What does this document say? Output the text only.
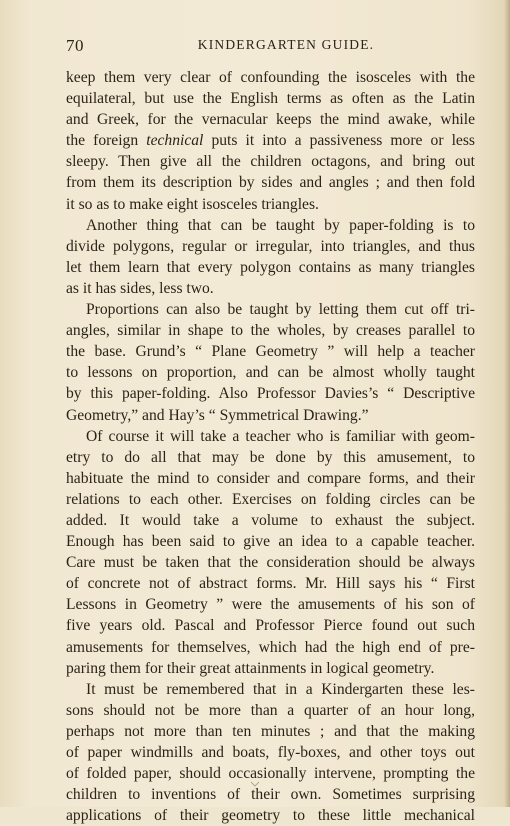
70	KINDERGARTEN GUIDE.
keep them very clear of confounding the isosceles with the
equilateral, but use the English terms as often as the Latin
and Greek, for the vernacular keeps the mind awake, while
the foreign technical puts it into a passiveness more or less
sleepy. Then give all the children octagons, and bring out
from them its description by sides and angles ; and then fold
it so as to make eight isosceles triangles.
Another thing that can be taught by paper-folding is to
divide polygons, regular or irregular, into triangles, and thus
let them learn that every polygon contains as many triangles
as it has sides, less two.
Proportions can also be taught by letting them cut off tri-
angles, similar in shape to the wholes, by creases parallel to
the base. Grund’s “ Plane Geometry ” will help a teacher
to lessons on proportion, and can be almost wholly taught
by this paper-folding. Also Professor Davies’s “ Descriptive
Geometry,” and Hay’s “ Symmetrical Drawing.”
Of course it will take a teacher who is familiar with geom-
etry to do all that may be done by this amusement, to
habituate the mind to consider and compare forms, and their
relations to each other. Exercises on folding circles can be
added. It would take a volume to exhaust the subject.
Enough has been said to give an idea to a capable teacher.
Care must be taken that the consideration should be always
of concrete not of abstract forms. Mr. Hill says his “ First
Lessons in Geometry ” were the amusements of his son of
five years old. Pascal and Professor Pierce found out such
amusements for themselves, which had the high end of pre-
paring them for their great attainments in logical geometry.
It must be remembered that in a Kindergarten these les-
sons should not be more than a quarter of an hour long,
perhaps not more than ten minutes ; and that the making
of paper windmills and boats, fly-boxes, and other toys out
of folded paper, should occasionally intervene, prompting the
children to inventions of their own. Sometimes surprising
applications of their geometry to these little mechanical
